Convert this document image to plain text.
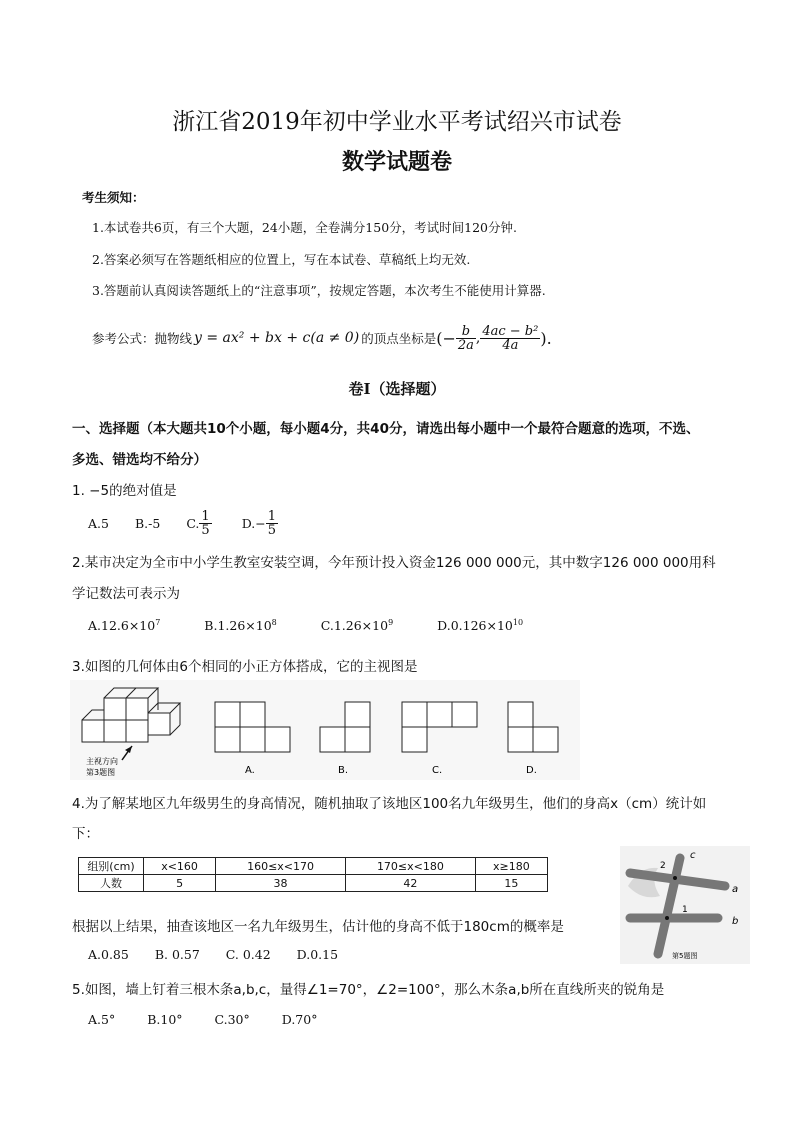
浙江省2019年初中学业水平考试绍兴市试卷
数学试题卷
考生须知：
1.本试卷共6页，有三个大题，24小题，全卷满分150分，考试时间120分钟.
2.答案必须写在答题纸相应的位置上，写在本试卷、草稿纸上均无效.
3.答题前认真阅读答题纸上的“注意事项”，按规定答题，本次考生不能使用计算器.
参考公式：抛物线 y = ax² + bx + c(a ≠ 0) 的顶点坐标是 (− $\frac{b}{2a}$ , $\frac{\text{4ac − b²}}{4a}$ ).
卷Ⅰ（选择题）
一、选择题（本大题共10个小题，每小题4分，共40分，请选出每小题中一个最符合题意的选项，不选、
多选、错选均不给分）
1. −5的绝对值是
A.5 B.-5 C. $\frac{1}{5} D.- \frac{1}{5}$
2.某市决定为全市中小学生教室安装空调，今年预计投入资金126 000 000元，其中数字126 000 000用科
学记数法可表示为
$A.12.6\times 10^7$	$B.1.26\times 10^8$	$C.1.26\times 10^9$	$D.0.126\times 10^{10}$
3.如图的几何体由6个相同的小正方体搭成，它的主视图是
主视方向
第3题图	A.	B.	C.	D.
4.为了解某地区九年级男生的身高情况，随机抽取了该地区100名九年级男生，他们的身高x（cm）统计如
下：
组别(cm)	x<160	160≤x<170	170≤x<180	x≥180
人数	5	38	42	15
根据以上结果，抽查该地区一名九年级男生，估计他的身高不低于180cm的概率是
A.0.85 B. 0.57 C. 0.42 D.0.15
a
b
c
1
2
第5题图
5.如图，墙上钉着三根木条a,b,c，量得∠1=70°，∠2=100°，那么木条a,b所在直线所夹的锐角是
A.5°	B.10°	C.30°	D.70°
